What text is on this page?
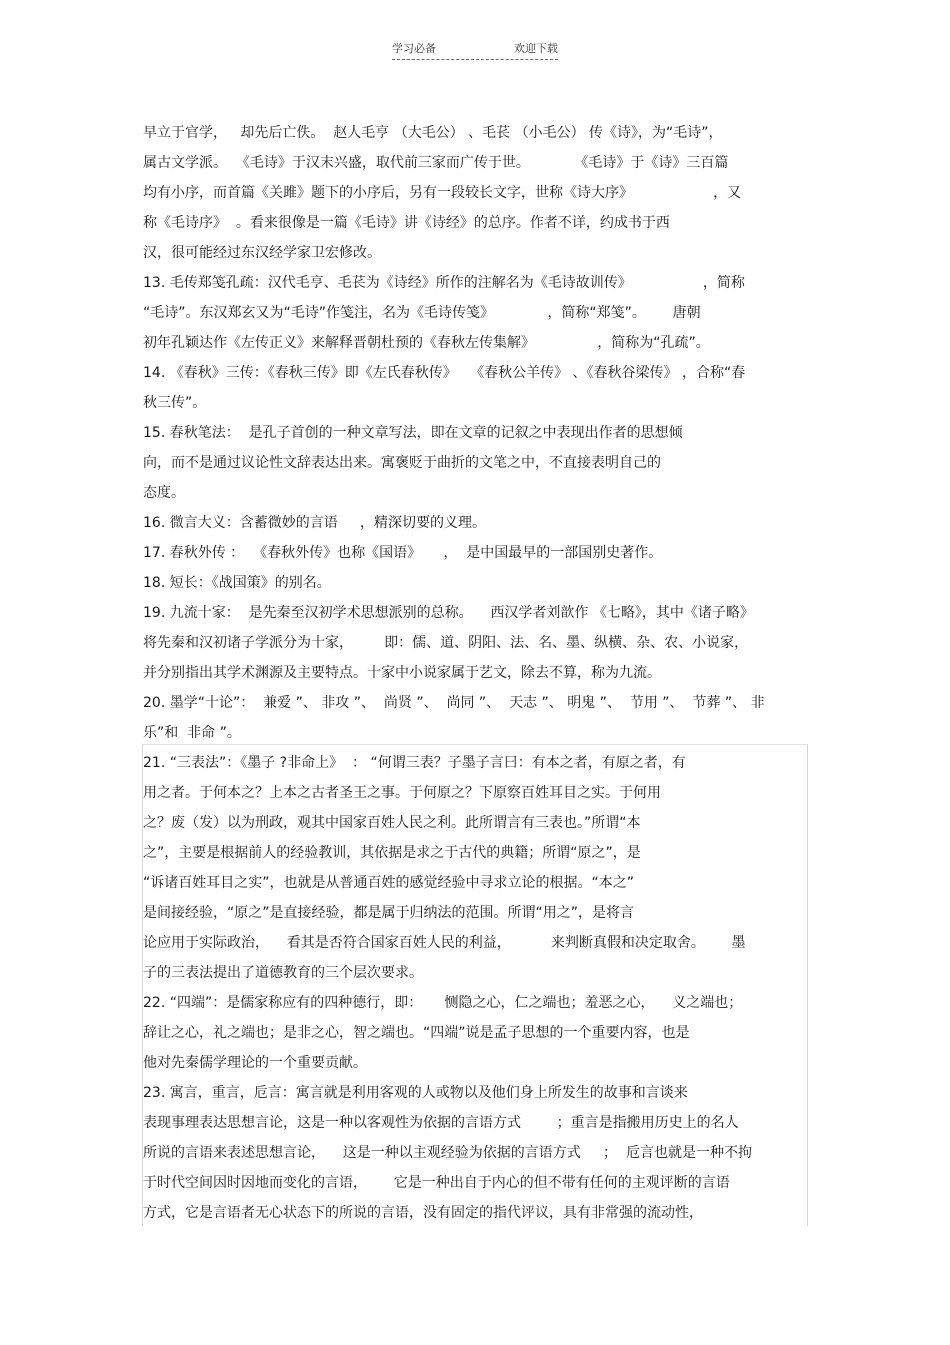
学习必备	欢迎下载
早立于官学，   却先后亡佚。  赵人毛亨 （大毛公） 、毛苌 （小毛公） 传《诗》，为“毛诗”，
属古文学派。  《毛诗》于汉末兴盛，取代前三家而广传于世。          《毛诗》于《诗》三百篇
均有小序，而首篇《关雎》题下的小序后，另有一段较长文字，世称《诗大序》                  ，又
称《毛诗序》  。看来很像是一篇《毛诗》讲《诗经》的总序。作者不详，约成书于西
汉，很可能经过东汉经学家卫宏修改。
13. 毛传郑笺孔疏：汉代毛亨、毛苌为《诗经》所作的注解名为《毛诗故训传》                ，简称
“毛诗”。东汉郑玄又为“毛诗”作笺注，名为《毛诗传笺》            ，简称“郑笺”。      唐朝
初年孔颖达作《左传正义》来解释晋朝杜预的《春秋左传集解》              ，简称为“孔疏”。
14. 《春秋》三传：《春秋三传》即《左氏春秋传》   《春秋公羊传》 、《春秋谷梁传》 ，合称“春
秋三传”。
15. 春秋笔法：  是孔子首创的一种文章写法，即在文章的记叙之中表现出作者的思想倾
向，而不是通过议论性文辞表达出来。寓褒贬于曲折的文笔之中，不直接表明自己的
态度。
16. 微言大义：含蓄微妙的言语     ，精深切要的义理。
17. 春秋外传 ：  《春秋外传》也称《国语》     ，  是中国最早的一部国别史著作。
18. 短长：《战国策》的别名。
19. 九流十家：  是先秦至汉初学术思想派别的总称。    西汉学者刘歆作 《七略》，其中《诸子略》
将先秦和汉初诸子学派分为十家，       即：儒、道、阴阳、法、名、墨、纵横、杂、农、小说家，
并分别指出其学术渊源及主要特点。十家中小说家属于艺文，除去不算，称为九流。
20. 墨学“十论”：  兼爱 ”、 非攻 ”、  尚贤 ”、  尚同 ”、  天志 ”、 明鬼 ”、  节用 ”、  节葬 ”、 非
乐”和  非命 ”。
21. “三表法”：《墨子 ?非命上》  ： “何谓三表？子墨子言曰：有本之者，有原之者，有
用之者。于何本之？上本之古者圣王之事。于何原之？下原察百姓耳目之实。于何用
之？废（发）以为刑政，观其中国家百姓人民之利。此所谓言有三表也。”所谓“本
之”，主要是根据前人的经验教训，其依据是求之于古代的典籍；所谓“原之”，是
“诉诸百姓耳目之实”，也就是从普通百姓的感觉经验中寻求立论的根据。“本之”
是间接经验，“原之”是直接经验，都是属于归纳法的范围。所谓“用之”，是将言
论应用于实际政治，    看其是否符合国家百姓人民的利益，         来判断真假和决定取舍。      墨
子的三表法提出了道德教育的三个层次要求。
22. “四端”：是儒家称应有的四种德行，即：     恻隐之心，仁之端也；羞恶之心，    义之端也；
辞让之心，礼之端也；是非之心，智之端也。“四端”说是孟子思想的一个重要内容，也是
他对先秦儒学理论的一个重要贡献。
23. 寓言，重言，卮言：寓言就是利用客观的人或物以及他们身上所发生的故事和言谈来
表现事理表达思想言论，这是一种以客观性为依据的言语方式        ；重言是指搬用历史上的名人
所说的言语来表述思想言论，    这是一种以主观经验为依据的言语方式     ；  卮言也就是一种不拘
于时代空间因时因地而变化的言语，      它是一种出自于内心的但不带有任何的主观评断的言语
方式，它是言语者无心状态下的所说的言语，没有固定的指代评议，具有非常强的流动性，
